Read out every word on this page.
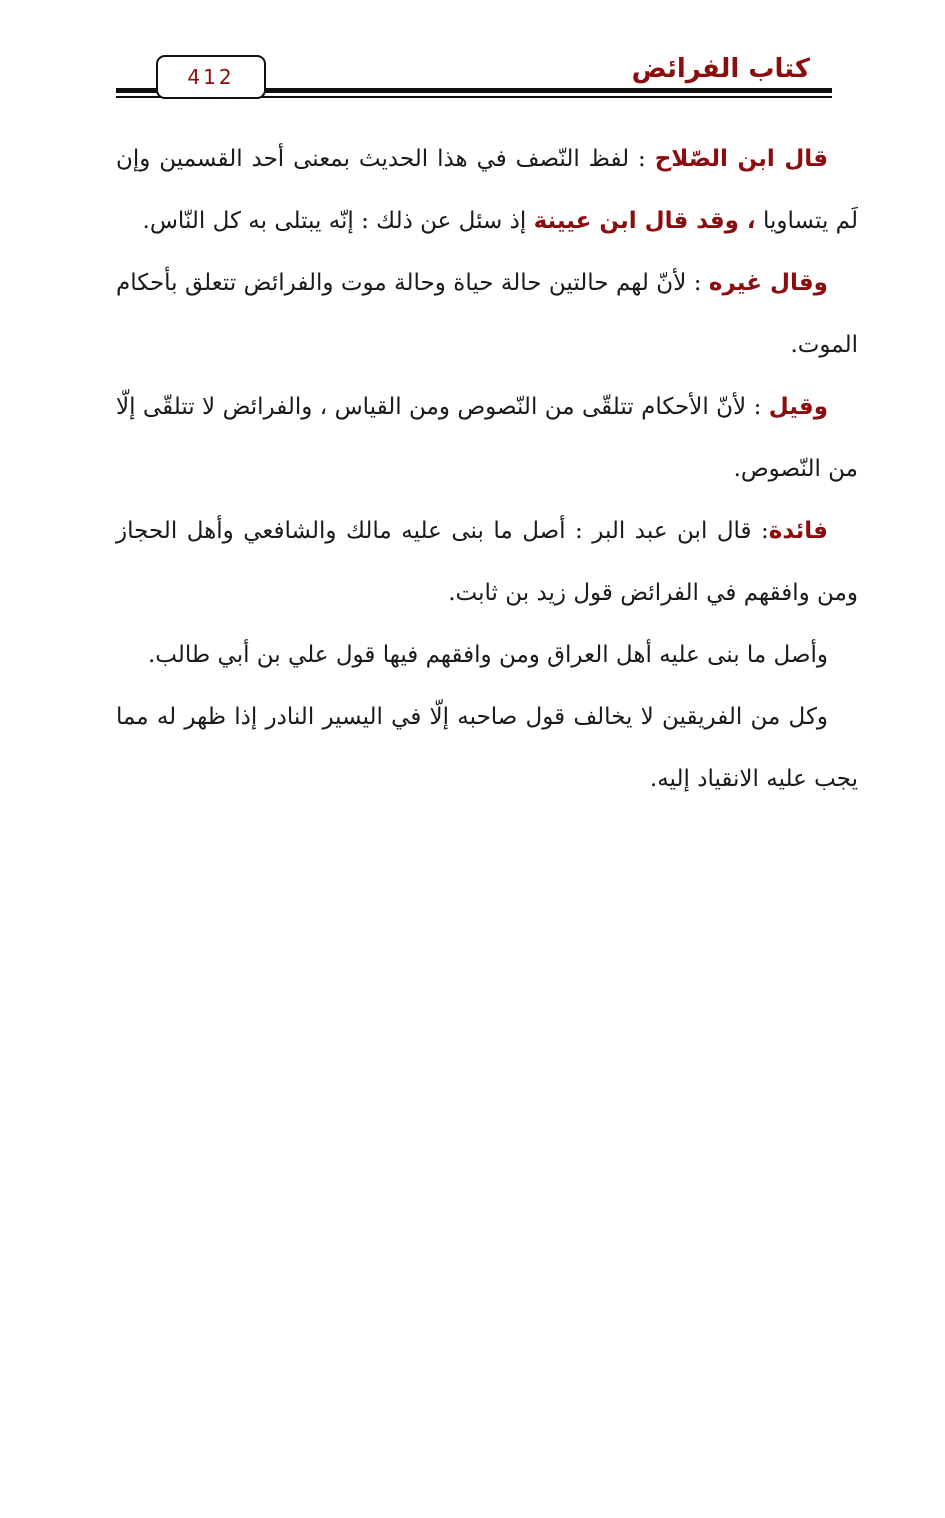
412	كتاب الفرائض

قال ابن الصّلاح : لفظ النّصف في هذا الحديث بمعنى أحد القسمين وإن لَم يتساويا ، وقد قال ابن عيينة إذ سئل عن ذلك : إنّه يبتلى به كل النّاس.

وقال غيره : لأنّ لهم حالتين حالة حياة وحالة موت والفرائض تتعلق بأحكام الموت.

وقيل : لأنّ الأحكام تتلقّى من النّصوص ومن القياس ، والفرائض لا تتلقّى إلّا من النّصوص.

فائدة: قال ابن عبد البر : أصل ما بنى عليه مالك والشافعي وأهل الحجاز ومن وافقهم في الفرائض قول زيد بن ثابت.

وأصل ما بنى عليه أهل العراق ومن وافقهم فيها قول علي بن أبي طالب.

وكل من الفريقين لا يخالف قول صاحبه إلّا في اليسير النادر إذا ظهر له مما يجب عليه الانقياد إليه.
